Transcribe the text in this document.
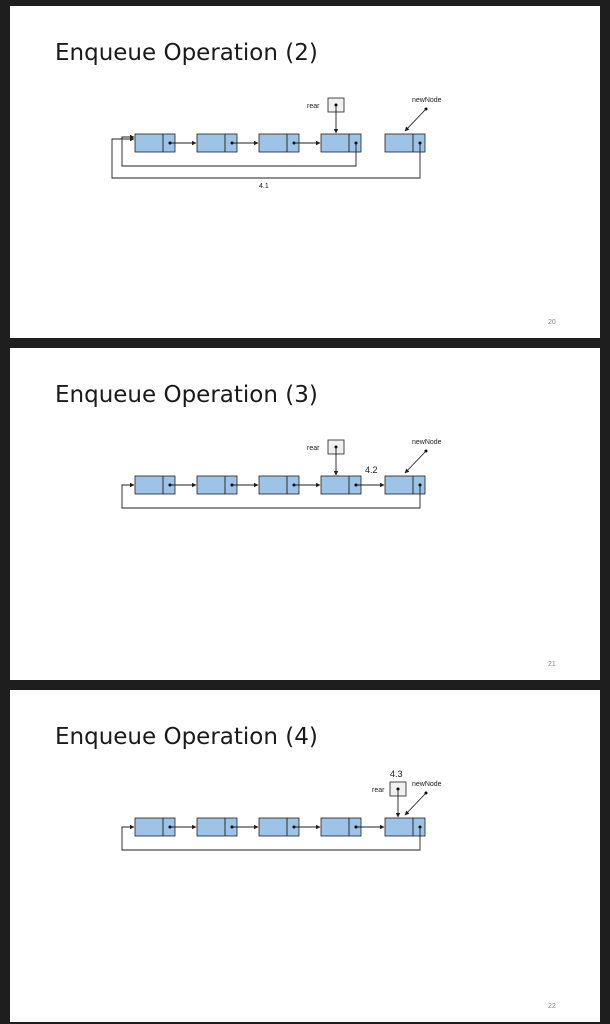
Enqueue Operation (2)
rear
newNode
4.1
20
Enqueue Operation (3)
rear
newNode
4.2
21
Enqueue Operation (4)
rear
newNode
4.3
22
